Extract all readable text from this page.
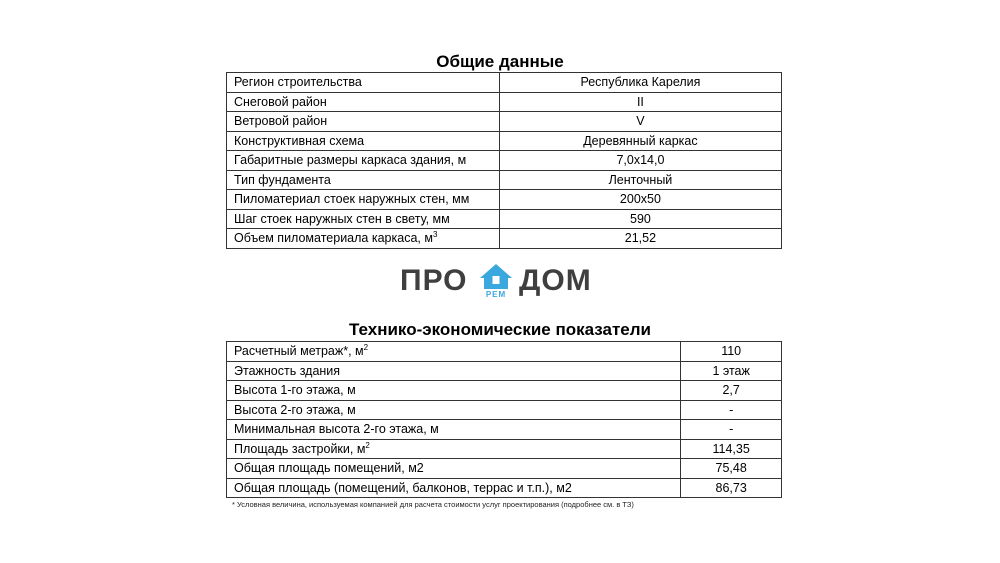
Общие данные
Регион строительства	Республика Карелия
Снеговой район	II
Ветровой район	V
Конструктивная схема	Деревянный каркас
Габаритные размеры каркаса здания, м	7,0х14,0
Тип фундамента	Ленточный
Пиломатериал стоек наружных стен, мм	200х50
Шаг стоек наружных стен в свету, мм	590
Объем пиломатериала каркаса, $м^3$	21,52
ПРО	РЕМ ДОМ
Технико-экономические показатели
Расчетный метраж*, $м^2$	110
Этажность здания	1 этаж
Высота 1-го этажа, м	2,7
Высота 2-го этажа, м	-
Минимальная высота 2-го этажа, м	-
Площадь застройки, $м^2$	114,35
Общая площадь помещений, м2	75,48
Общая площадь (помещений, балконов, террас и т.п.), м2	86,73
* Условная величина, используемая компанией для расчета стоимости услуг проектирования (подробнее см. в ТЗ)
